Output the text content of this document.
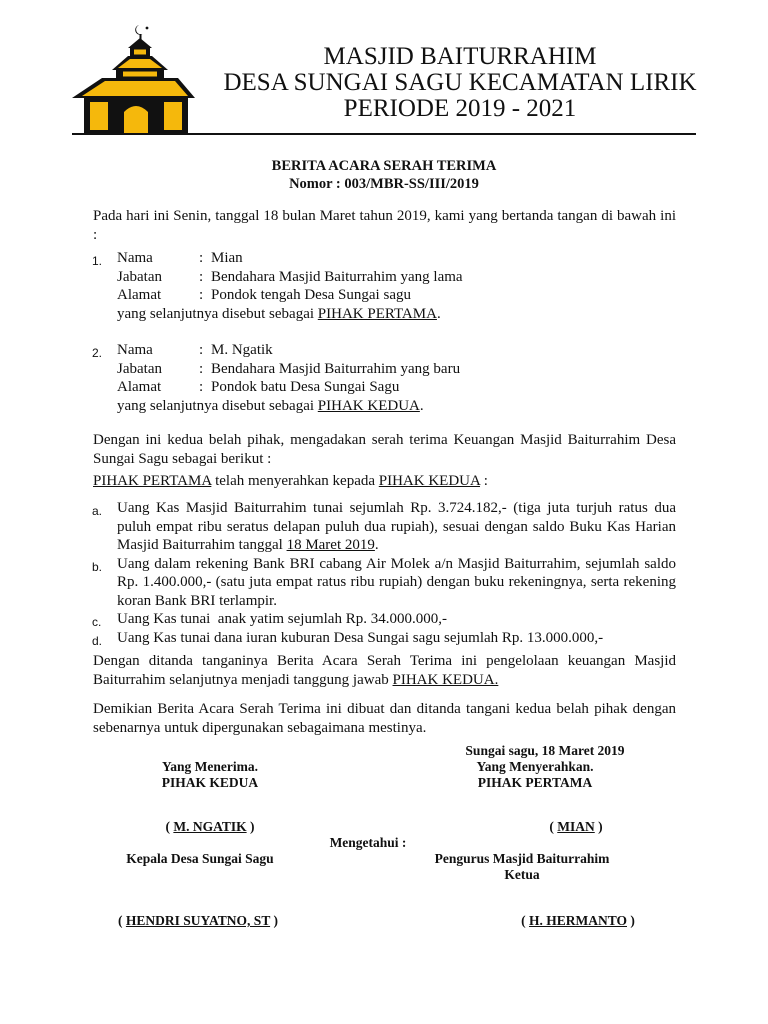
MASJID BAITURRAHIM
DESA SUNGAI SAGU KECAMATAN LIRIK
PERIODE 2019 - 2021
BERITA ACARA SERAH TERIMA
Nomor : 003/MBR-SS/III/2019
Pada hari ini Senin, tanggal 18 bulan Maret tahun 2019, kami yang bertanda tangan di bawah ini :
1. Nama	: Mian
Jabatan : Bendahara Masjid Baiturrahim yang lama
Alamat	: Pondok tengah Desa Sungai sagu
yang selanjutnya disebut sebagai PIHAK PERTAMA.
2. Nama	: M. Ngatik
Jabatan : Bendahara Masjid Baiturrahim yang baru
Alamat	: Pondok batu Desa Sungai Sagu
yang selanjutnya disebut sebagai PIHAK KEDUA.
Dengan ini kedua belah pihak, mengadakan serah terima Keuangan Masjid Baiturrahim Desa Sungai Sagu sebagai berikut :
PIHAK PERTAMA telah menyerahkan kepada PIHAK KEDUA :
a. Uang Kas Masjid Baiturrahim tunai sejumlah Rp. 3.724.182,- (tiga juta turjuh ratus dua puluh empat ribu seratus delapan puluh dua rupiah), sesuai dengan saldo Buku Kas Harian Masjid Baiturrahim tanggal 18 Maret 2019.
b. Uang dalam rekening Bank BRI cabang Air Molek a/n Masjid Baiturrahim, sejumlah saldo Rp. 1.400.000,- (satu juta empat ratus ribu rupiah) dengan buku rekeningnya, serta rekening koran Bank BRI terlampir.
c. Uang Kas tunai  anak yatim sejumlah Rp. 34.000.000,-
d. Uang Kas tunai dana iuran kuburan Desa Sungai sagu sejumlah Rp. 13.000.000,-
Dengan ditanda tanganinya Berita Acara Serah Terima ini pengelolaan keuangan Masjid Baiturrahim selanjutnya menjadi tanggung jawab PIHAK KEDUA.
Demikian Berita Acara Serah Terima ini dibuat dan ditanda tangani kedua belah pihak dengan sebenarnya untuk dipergunakan sebagaimana mestinya.
Sungai sagu, 18 Maret 2019
Yang Menerima.
PIHAK KEDUA
Yang Menyerahkan.
PIHAK PERTAMA
( M. NGATIK )	( MIAN )
Mengetahui :
Kepala Desa Sungai Sagu	Pengurus Masjid Baiturrahim
Ketua
( HENDRI SUYATNO, ST )	( H. HERMANTO )
